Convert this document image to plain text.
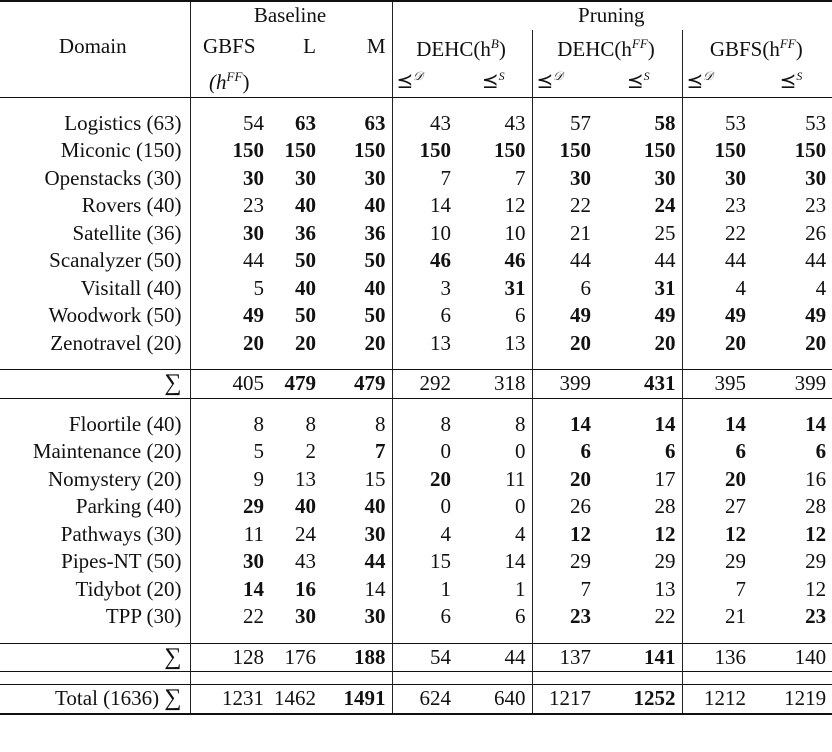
	Baseline			Pruning					
Domain	GBFS	L	M	$DEHC(h^B)$		$DEHC(h^{FF})$		$GBFS(h^{FF})$	
	$(h^{FF})$			⪯$^𝒟$	⪯$^S$	⪯$^𝒟$	⪯$^S$	⪯$^𝒟$	⪯$^S$

Logistics (63)	54	63	63	43	43	57	58	53	53
Miconic (150)	150	150	150	150	150	150	150	150	150
Openstacks (30)	30	30	30	7	7	30	30	30	30
Rovers (40)	23	40	40	14	12	22	24	23	23
Satellite (36)	30	36	36	10	10	21	25	22	26
Scanalyzer (50)	44	50	50	46	46	44	44	44	44
Visitall (40)	5	40	40	3	31	6	31	4	4
Woodwork (50)	49	50	50	6	6	49	49	49	49
Zenotravel (20)	20	20	20	13	13	20	20	20	20

∑	405	479	479	292	318	399	431	395	399

Floortile (40)	8	8	8	8	8	14	14	14	14
Maintenance (20)	5	2	7	0	0	6	6	6	6
Nomystery (20)	9	13	15	20	11	20	17	20	16
Parking (40)	29	40	40	0	0	26	28	27	28
Pathways (30)	11	24	30	4	4	12	12	12	12
Pipes-NT (50)	30	43	44	15	14	29	29	29	29
Tidybot (20)	14	16	14	1	1	7	13	7	12
TPP (30)	22	30	30	6	6	23	22	21	23

∑	128	176	188	54	44	137	141	136	140

Total (1636) ∑	1231	1462	1491	624	640	1217	1252	1212	1219
